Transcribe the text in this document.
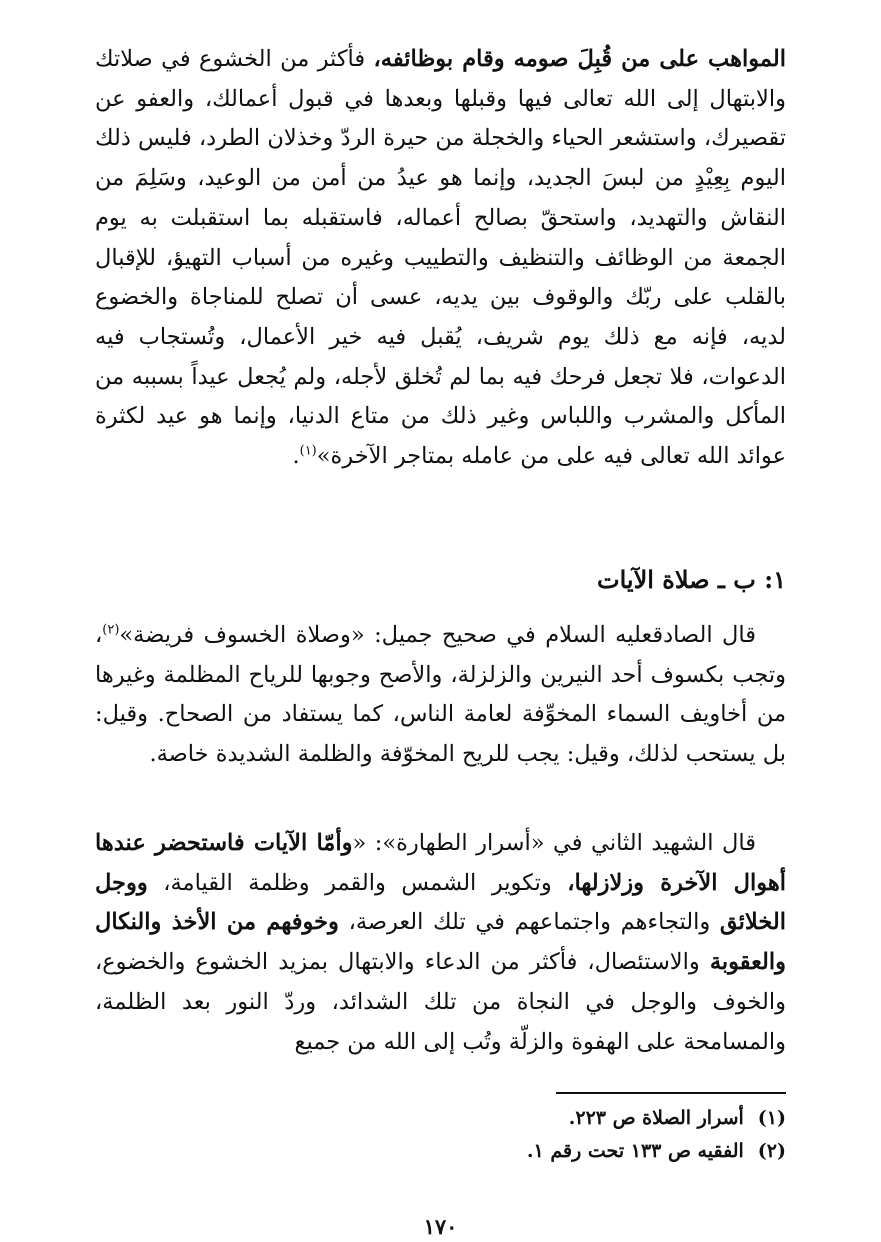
المواهب على من قُبِلَ صومه وقام بوظائفه، فأكثر من الخشوع في صلاتك والابتهال إلى الله تعالى فيها وقبلها وبعدها في قبول أعمالك، والعفو عن تقصيرك، واستشعر الحياء والخجلة من حيرة الردّ وخذلان الطرد، فليس ذلك اليوم بِعِيْدٍ من لبسَ الجديد، وإنما هو عيدُ من أمن من الوعيد، وسَلِمَ من النقاش والتهديد، واستحقّ بصالح أعماله، فاستقبله بما استقبلت به يوم الجمعة من الوظائف والتنظيف والتطييب وغيره من أسباب التهيؤ، للإقبال بالقلب على ربّك والوقوف بين يديه، عسى أن تصلح للمناجاة والخضوع لديه، فإنه مع ذلك يوم شريف، يُقبل فيه خير الأعمال، وتُستجاب فيه الدعوات، فلا تجعل فرحك فيه بما لم تُخلق لأجله، ولم يُجعل عيداً بسببه من المأكل والمشرب واللباس وغير ذلك من متاع الدنيا، وإنما هو عيد لكثرة عوائد الله تعالى فيه على من عامله بمتاجر الآخرة»$^{(١)}$.

١: ب ـ صلاة الآيات

قال الصادقعليه السلام في صحيح جميل: «وصلاة الخسوف فريضة»$^{(٢)}$، وتجب بكسوف أحد النيرين والزلزلة، والأصح وجوبها للرياح المظلمة وغيرها من أخاويف السماء المخوِّفة لعامة الناس، كما يستفاد من الصحاح. وقيل: بل يستحب لذلك، وقيل: يجب للريح المخوّفة والظلمة الشديدة خاصة.

قال الشهيد الثاني في «أسرار الطهارة»: «وأمّا الآيات فاستحضر عندها أهوال الآخرة وزلازلها، وتكوير الشمس والقمر وظلمة القيامة، ووجل الخلائق والتجاءهم واجتماعهم في تلك العرصة، وخوفهم من الأخذ والنكال والعقوبة والاستئصال، فأكثر من الدعاء والابتهال بمزيد الخشوع والخضوع، والخوف والوجل في النجاة من تلك الشدائد، وردّ النور بعد الظلمة، والمسامحة على الهفوة والزلّة وتُب إلى الله من جميع

(١)أسرار الصلاة ص ٢٢٣.
(٢)الفقيه ص ١٣٣ تحت رقم ١.
١٧٠
